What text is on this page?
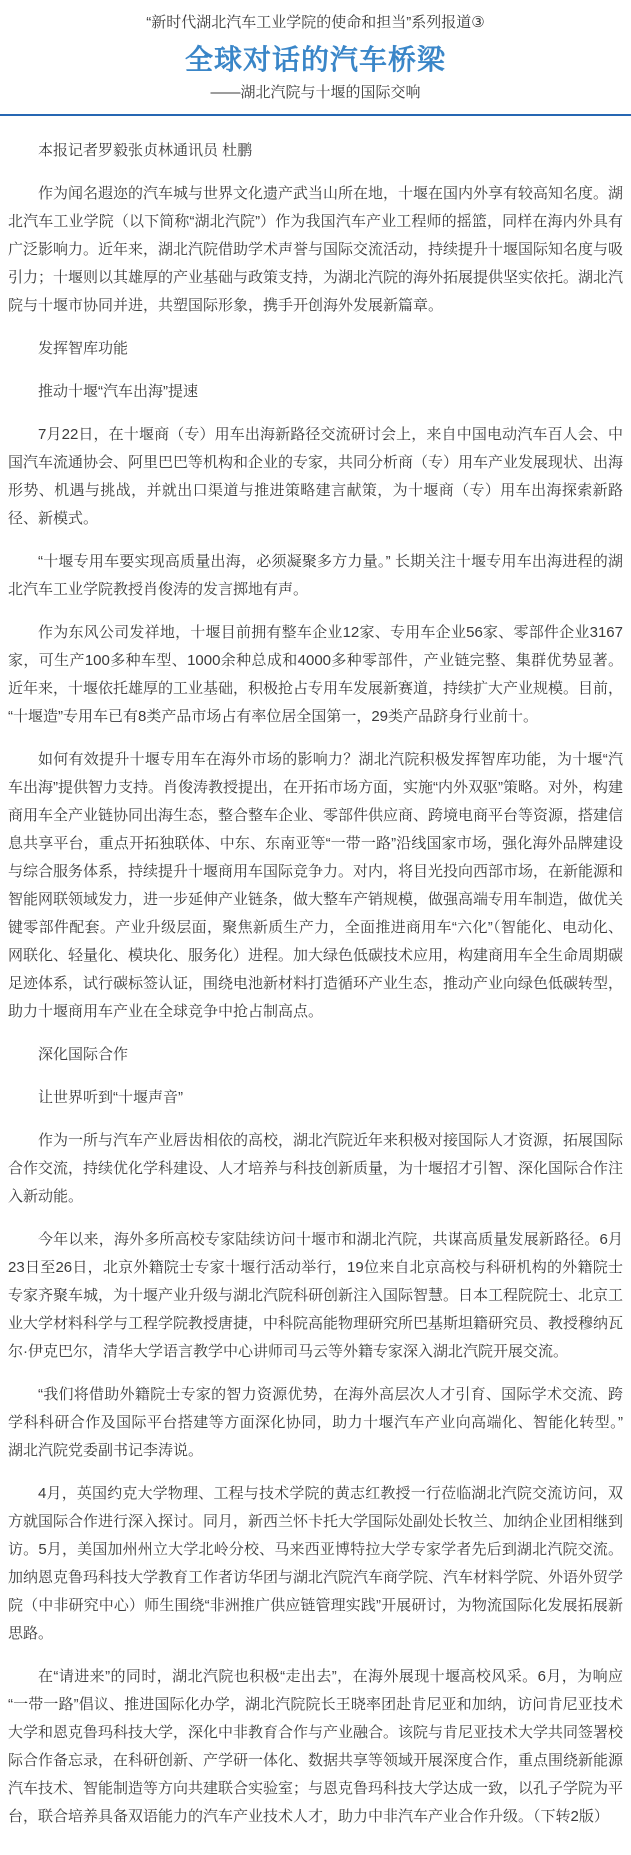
“新时代湖北汽车工业学院的使命和担当”系列报道③
全球对话的汽车桥梁
——湖北汽院与十堰的国际交响

本报记者罗毅张贞林通讯员 杜鹏

作为闻名遐迩的汽车城与世界文化遗产武当山所在地，十堰在国内外享有较高知名度。湖北汽车工业学院（以下简称“湖北汽院”）作为我国汽车产业工程师的摇篮，同样在海内外具有广泛影响力。近年来，湖北汽院借助学术声誉与国际交流活动，持续提升十堰国际知名度与吸引力；十堰则以其雄厚的产业基础与政策支持，为湖北汽院的海外拓展提供坚实依托。湖北汽院与十堰市协同并进，共塑国际形象，携手开创海外发展新篇章。

发挥智库功能

推动十堰“汽车出海”提速

7月22日，在十堰商（专）用车出海新路径交流研讨会上，来自中国电动汽车百人会、中国汽车流通协会、阿里巴巴等机构和企业的专家，共同分析商（专）用车产业发展现状、出海形势、机遇与挑战，并就出口渠道与推进策略建言献策，为十堰商（专）用车出海探索新路径、新模式。

“十堰专用车要实现高质量出海，必须凝聚多方力量。” 长期关注十堰专用车出海进程的湖北汽车工业学院教授肖俊涛的发言掷地有声。

作为东风公司发祥地，十堰目前拥有整车企业12家、专用车企业56家、零部件企业3167家，可生产100多种车型、1000余种总成和4000多种零部件，产业链完整、集群优势显著。近年来，十堰依托雄厚的工业基础，积极抢占专用车发展新赛道，持续扩大产业规模。目前，“十堰造”专用车已有8类产品市场占有率位居全国第一，29类产品跻身行业前十。

如何有效提升十堰专用车在海外市场的影响力？湖北汽院积极发挥智库功能，为十堰“汽车出海”提供智力支持。肖俊涛教授提出，在开拓市场方面，实施“内外双驱”策略。对外，构建商用车全产业链协同出海生态，整合整车企业、零部件供应商、跨境电商平台等资源，搭建信息共享平台，重点开拓独联体、中东、东南亚等“一带一路”沿线国家市场，强化海外品牌建设与综合服务体系，持续提升十堰商用车国际竞争力。对内，将目光投向西部市场，在新能源和智能网联领域发力，进一步延伸产业链条，做大整车产销规模，做强高端专用车制造，做优关键零部件配套。产业升级层面，聚焦新质生产力，全面推进商用车“六化”（智能化、电动化、网联化、轻量化、模块化、服务化）进程。加大绿色低碳技术应用，构建商用车全生命周期碳足迹体系，试行碳标签认证，围绕电池新材料打造循环产业生态，推动产业向绿色低碳转型，助力十堰商用车产业在全球竞争中抢占制高点。

深化国际合作

让世界听到“十堰声音”

作为一所与汽车产业唇齿相依的高校，湖北汽院近年来积极对接国际人才资源，拓展国际合作交流，持续优化学科建设、人才培养与科技创新质量，为十堰招才引智、深化国际合作注入新动能。

今年以来，海外多所高校专家陆续访问十堰市和湖北汽院，共谋高质量发展新路径。6月23日至26日，北京外籍院士专家十堰行活动举行，19位来自北京高校与科研机构的外籍院士专家齐聚车城，为十堰产业升级与湖北汽院科研创新注入国际智慧。日本工程院院士、北京工业大学材料科学与工程学院教授唐捷，中科院高能物理研究所巴基斯坦籍研究员、教授穆纳瓦尔·伊克巴尔，清华大学语言教学中心讲师司马云等外籍专家深入湖北汽院开展交流。

“我们将借助外籍院士专家的智力资源优势，在海外高层次人才引育、国际学术交流、跨学科科研合作及国际平台搭建等方面深化协同，助力十堰汽车产业向高端化、智能化转型。” 湖北汽院党委副书记李涛说。

4月，英国约克大学物理、工程与技术学院的黄志红教授一行莅临湖北汽院交流访问，双方就国际合作进行深入探讨。同月，新西兰怀卡托大学国际处副处长牧兰、加纳企业团相继到访。5月，美国加州州立大学北岭分校、马来西亚博特拉大学专家学者先后到湖北汽院交流。加纳恩克鲁玛科技大学教育工作者访华团与湖北汽院汽车商学院、汽车材料学院、外语外贸学院（中非研究中心）师生围绕“非洲推广供应链管理实践”开展研讨，为物流国际化发展拓展新思路。

在“请进来”的同时，湖北汽院也积极“走出去”，在海外展现十堰高校风采。6月，为响应“一带一路”倡议、推进国际化办学，湖北汽院院长王晓率团赴肯尼亚和加纳，访问肯尼亚技术大学和恩克鲁玛科技大学，深化中非教育合作与产业融合。该院与肯尼亚技术大学共同签署校际合作备忘录，在科研创新、产学研一体化、数据共享等领域开展深度合作，重点围绕新能源汽车技术、智能制造等方向共建联合实验室；与恩克鲁玛科技大学达成一致，以孔子学院为平台，联合培养具备双语能力的汽车产业技术人才，助力中非汽车产业合作升级。（下转2版）
